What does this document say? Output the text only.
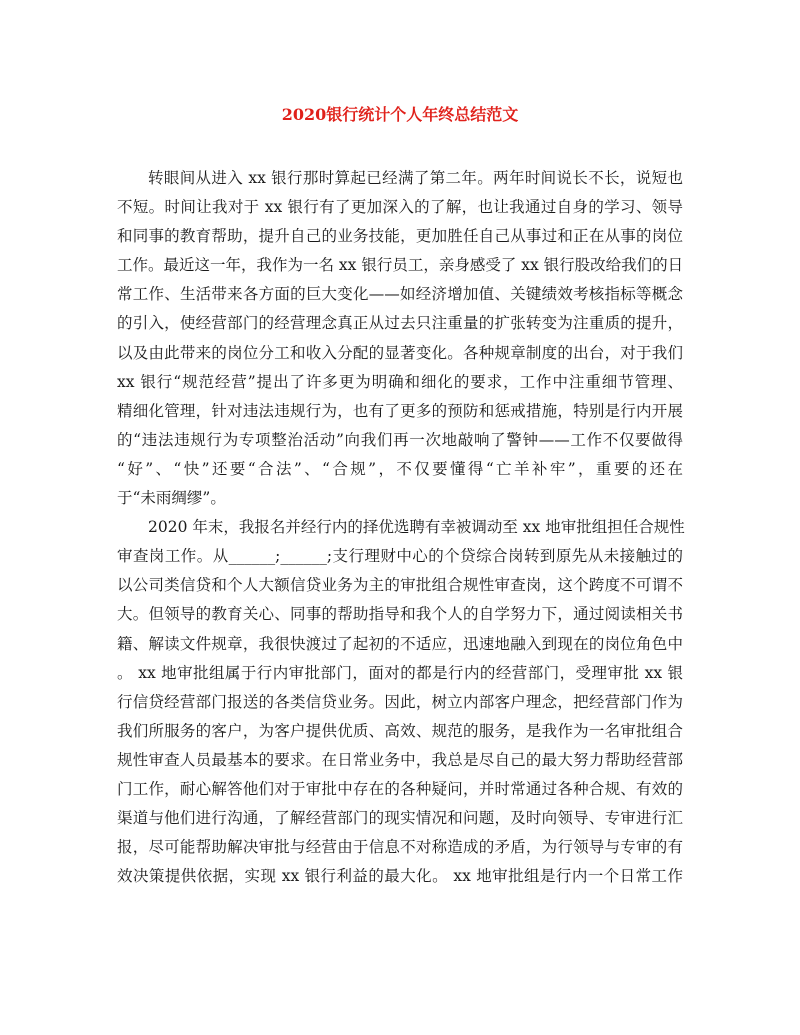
2020银行统计个人年终总结范文

转眼间从进入 xx 银行那时算起已经满了第二年。两年时间说长不长，说短也
不短。时间让我对于 xx 银行有了更加深入的了解，也让我通过自身的学习、领导
和同事的教育帮助，提升自己的业务技能，更加胜任自己从事过和正在从事的岗位
工作。最近这一年，我作为一名 xx 银行员工，亲身感受了 xx 银行股改给我们的日
常工作、生活带来各方面的巨大变化——如经济增加值、关键绩效考核指标等概念
的引入，使经营部门的经营理念真正从过去只注重量的扩张转变为注重质的提升，
以及由此带来的岗位分工和收入分配的显著变化。各种规章制度的出台，对于我们
xx 银行“规范经营”提出了许多更为明确和细化的要求，工作中注重细节管理、
精细化管理，针对违法违规行为，也有了更多的预防和惩戒措施，特别是行内开展
的“违法违规行为专项整治活动”向我们再一次地敲响了警钟——工作不仅要做得
“好”、“快”还要“合法”、“合规”，不仅要懂得“亡羊补牢”，重要的还在
于“未雨绸缪”。

2020 年末，我报名并经行内的择优选聘有幸被调动至 xx 地审批组担任合规性
审查岗工作。从______;______;支行理财中心的个贷综合岗转到原先从未接触过的
以公司类信贷和个人大额信贷业务为主的审批组合规性审查岗，这个跨度不可谓不
大。但领导的教育关心、同事的帮助指导和我个人的自学努力下，通过阅读相关书
籍、解读文件规章，我很快渡过了起初的不适应，迅速地融入到现在的岗位角色中
。 xx 地审批组属于行内审批部门，面对的都是行内的经营部门，受理审批 xx 银
行信贷经营部门报送的各类信贷业务。因此，树立内部客户理念，把经营部门作为
我们所服务的客户，为客户提供优质、高效、规范的服务，是我作为一名审批组合
规性审查人员最基本的要求。在日常业务中，我总是尽自己的最大努力帮助经营部
门工作，耐心解答他们对于审批中存在的各种疑问，并时常通过各种合规、有效的
渠道与他们进行沟通，了解经营部门的现实情况和问题，及时向领导、专审进行汇
报，尽可能帮助解决审批与经营由于信息不对称造成的矛盾，为行领导与专审的有
效决策提供依据，实现 xx 银行利益的最大化。 xx 地审批组是行内一个日常工作
